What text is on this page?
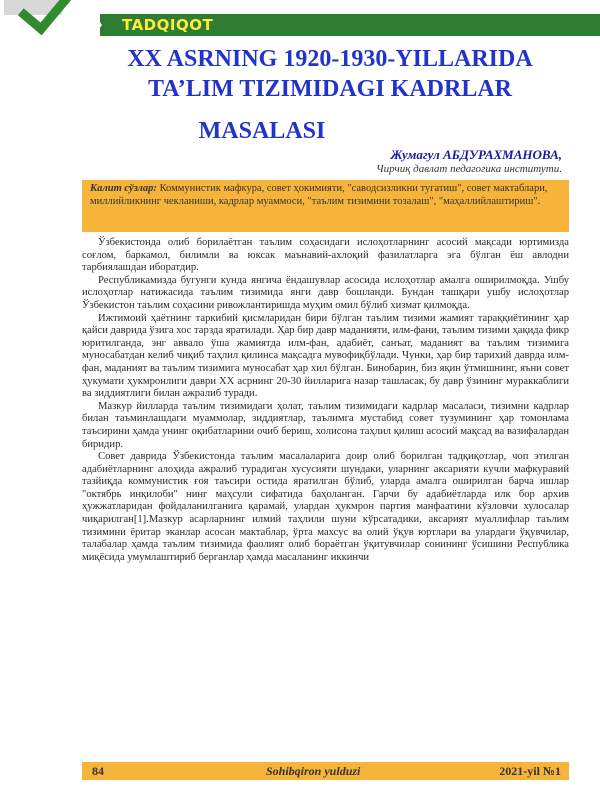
TADQIQOT
XX ASRNING 1920-1930-YILLARIDA
TA’LIM TIZIMIDAGI KADRLAR
MASALASI
Жумагул АБДУРАХМАНОВА,
Чирчиқ давлат педагогика институти.
Калит сўзлар: Коммунистик мафкура, совет ҳокимияти, "саводсизликни тугатиш", совет мактаблари, миллийликнинг чекланиши, кадрлар муаммоси, "таълим тизимини тозалаш", "маҳаллийлаштириш".

Ўзбекистонда олиб борилаётган таълим соҳасидаги ислоҳотларнинг асосий мақсади юртимизда соғлом, баркамол, билимли ва юксак маънавий-ахлоқий фазилатларга эга бўлган ёш авлодни тарбиялашдан иборатдир.

Республикамизда бугунги кунда янгича ёндашувлар асосида ислоҳотлар амалга оширилмоқда. Ушбу ислоҳотлар натижасида таълим тизимида янги давр бошланди. Бундан ташқари ушбу ислоҳотлар Ўзбекистон таълим соҳасини ривожлантиришда муҳим омил бўлиб хизмат қилмоқда.

Ижтимоий ҳаётнинг таркибий қисмларидан бири бўлган таълим тизими жамият тараққиётининг ҳар қайси даврида ўзига хос тарзда яратилади. Ҳар бир давр маданияти, илм-фани, таълим тизими ҳақида фикр юритилганда, энг аввало ўша жамиятда илм-фан, адабиёт, санъат, маданият ва таълим тизимига муносабатдан келиб чиқиб таҳлил қилинса мақсадга мувофиқбўлади. Чунки, ҳар бир тарихий даврда илм-фан, маданият ва таълим тизимига муносабат ҳар хил бўлган. Бинобарин, биз яқин ўтмишнинг, яъни совет ҳукумати ҳукмронлиги даври XX асрнинг 20-30 йилларига назар ташласак, бу давр ўзининг мураккаблиги ва зиддиятлиги билан ажралиб туради.

Мазкур йилларда таълим тизимидаги ҳолат, таълим тизимидаги кадрлар масаласи, тизимни кадрлар билан таъминлашдаги муаммолар, зиддиятлар, таълимга мустабид совет тузумининг ҳар томонлама таъсирини ҳамда унинг оқибатларини очиб бериш, холисона таҳлил қилиш асосий мақсад ва вазифалардан биридир.

Совет даврида Ўзбекистонда таълим масалаларига доир олиб борилган тадқиқотлар, чоп этилган адабиётларнинг алоҳида ажралиб турадиган хусусияти шундаки, уларнинг аксарияти кучли мафкуравий тазйиқда коммунистик ғоя таъсири остида яратилган бўлиб, уларда амалга оширилган барча ишлар "октябрь инқилоби" нинг маҳсули сифатида баҳоланган. Гарчи бу адабиётларда илк бор архив ҳужжатларидан фойдаланилганига қарамай, улардан ҳукмрон партия манфаатини кўзловчи хулосалар чиқарилган[1].Мазкур асарларнинг илмий таҳлили шуни кўрсатадики, аксарият муаллифлар таълим тизимини ёритар эканлар асосан мактаблар, ўрта махсус ва олий ўқув юртлари ва улардаги ўқувчилар, талабалар ҳамда таълим тизимида фаолият олиб бораётган ўқитувчилар сонининг ўсишини Республика миқёсида умумлаштириб берганлар ҳамда масаланинг иккинчи

84	Sohibqiron yulduzi	2021-yil №1
